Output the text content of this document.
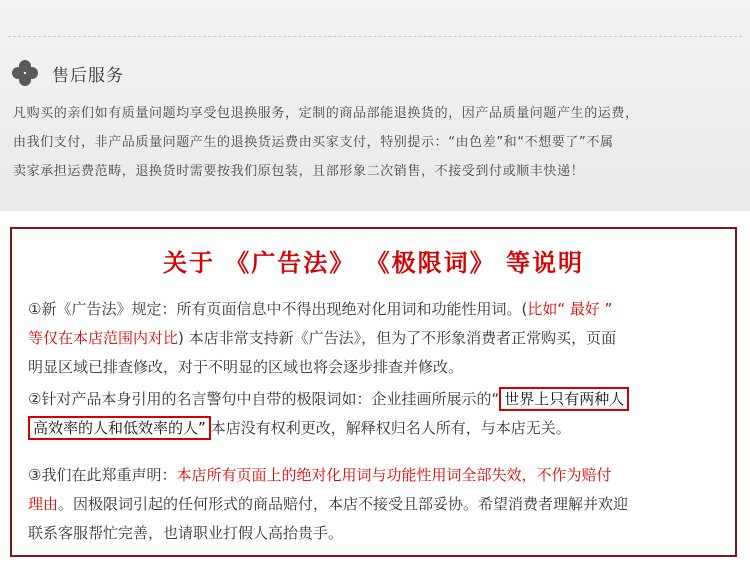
售后服务
凡购买的亲们如有质量问题均享受包退换服务，定制的商品部能退换货的，因产品质量问题产生的运费，
由我们支付，非产品质量问题产生的退换货运费由买家支付，特别提示：“由色差”和“不想要了”不属
卖家承担运费范畴，退换货时需要按我们原包装，且部形象二次销售，不接受到付或顺丰快递！
关于 《广告法》 《极限词》 等说明
①新《广告法》规定：所有页面信息中不得出现绝对化用词和功能性用词。(比如“ 最好 ”
等仅在本店范围内对比) 本店非常支持新《广告法》，但为了不形象消费者正常购买，页面
明显区域已排查修改，对于不明显的区域也将会逐步排查并修改。
②针对产品本身引用的名言警句中自带的极限词如：企业挂画所展示的“ 世界上只有两种人
高效率的人和低效率的人” 本店没有权利更改，解释权归名人所有，与本店无关。
③我们在此郑重声明：本店所有页面上的绝对化用词与功能性用词全部失效，不作为赔付
理由。因极限词引起的任何形式的商品赔付，本店不接受且部妥协。希望消费者理解并欢迎
联系客服帮忙完善，也请职业打假人高抬贵手。
